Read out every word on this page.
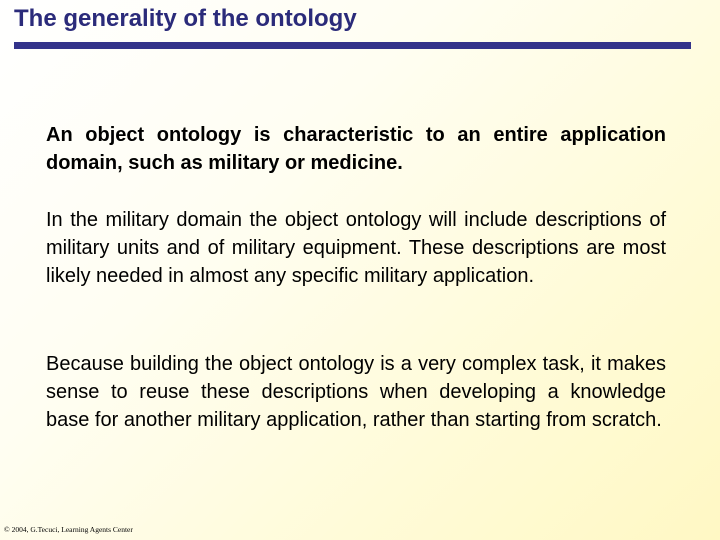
The generality of the ontology

An object ontology is characteristic to an entire application domain, such as military or medicine.

In the military domain the object ontology will include descriptions of military units and of military equipment. These descriptions are most likely needed in almost any specific military application.

Because building the object ontology is a very complex task, it makes sense to reuse these descriptions when developing a knowledge base for another military application, rather than starting from scratch.

© 2004, G.Tecuci, Learning Agents Center
